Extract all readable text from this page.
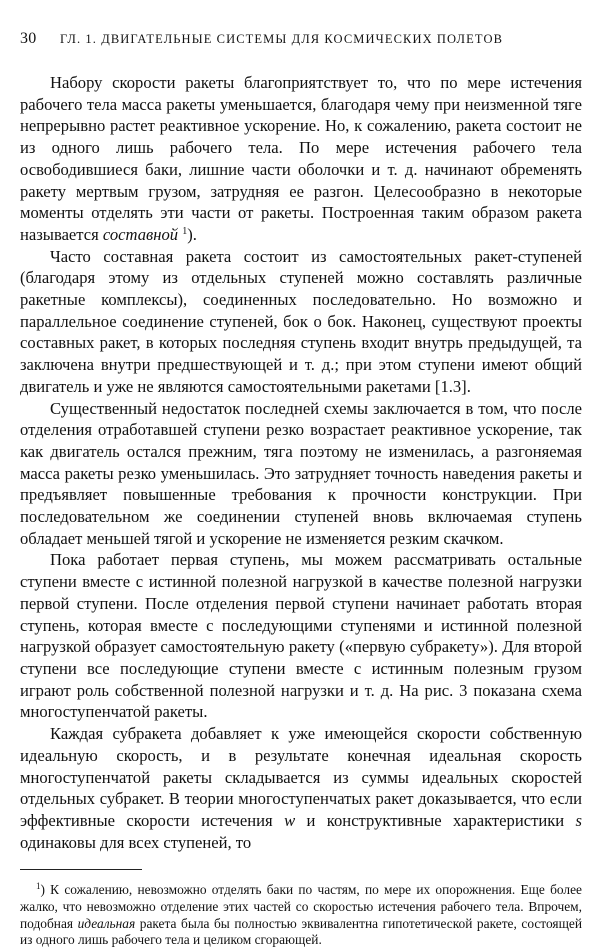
30	ГЛ. 1. ДВИГАТЕЛЬНЫЕ СИСТЕМЫ ДЛЯ КОСМИЧЕСКИХ ПОЛЕТОВ

Набору скорости ракеты благоприятствует то, что по мере истечения рабочего тела масса ракеты уменьшается, благодаря чему при неизменной тяге непрерывно растет реактивное ускорение. Но, к сожалению, ракета состоит не из одного лишь рабочего тела. По мере истечения рабочего тела освободившиеся баки, лишние части оболочки и т. д. начинают обременять ракету мертвым грузом, затрудняя ее разгон. Целесообразно в некоторые моменты отделять эти части от ракеты. Построенная таким образом ракета называется составной $^1$).

Часто составная ракета состоит из самостоятельных ракет-ступеней (благодаря этому из отдельных ступеней можно составлять различные ракетные комплексы), соединенных последовательно. Но возможно и параллельное соединение ступеней, бок о бок. Наконец, существуют проекты составных ракет, в которых последняя ступень входит внутрь предыдущей, та заключена внутри предшествующей и т. д.; при этом ступени имеют общий двигатель и уже не являются самостоятельными ракетами [1.3].

Существенный недостаток последней схемы заключается в том, что после отделения отработавшей ступени резко возрастает реактивное ускорение, так как двигатель остался прежним, тяга поэтому не изменилась, а разгоняемая масса ракеты резко уменьшилась. Это затрудняет точность наведения ракеты и предъявляет повышенные требования к прочности конструкции. При последовательном же соединении ступеней вновь включаемая ступень обладает меньшей тягой и ускорение не изменяется резким скачком.

Пока работает первая ступень, мы можем рассматривать остальные ступени вместе с истинной полезной нагрузкой в качестве полезной нагрузки первой ступени. После отделения первой ступени начинает работать вторая ступень, которая вместе с последующими ступенями и истинной полезной нагрузкой образует самостоятельную ракету («первую субракету»). Для второй ступени все последующие ступени вместе с истинным полезным грузом играют роль собственной полезной нагрузки и т. д. На рис. 3 показана схема многоступенчатой ракеты.

Каждая субракета добавляет к уже имеющейся скорости собственную идеальную скорость, и в результате конечная идеальная скорость многоступенчатой ракеты складывается из суммы идеальных скоростей отдельных субракет. В теории многоступенчатых ракет доказывается, что если эффективные скорости истечения w и конструктивные характеристики s одинаковы для всех ступеней, то

$^1$) К сожалению, невозможно отделять баки по частям, по мере их опорожнения. Еще более жалко, что невозможно отделение этих частей со скоростью истечения рабочего тела. Впрочем, подобная идеальная ракета была бы полностью эквивалентна гипотетической ракете, состоящей из одного лишь рабочего тела и целиком сгорающей.
